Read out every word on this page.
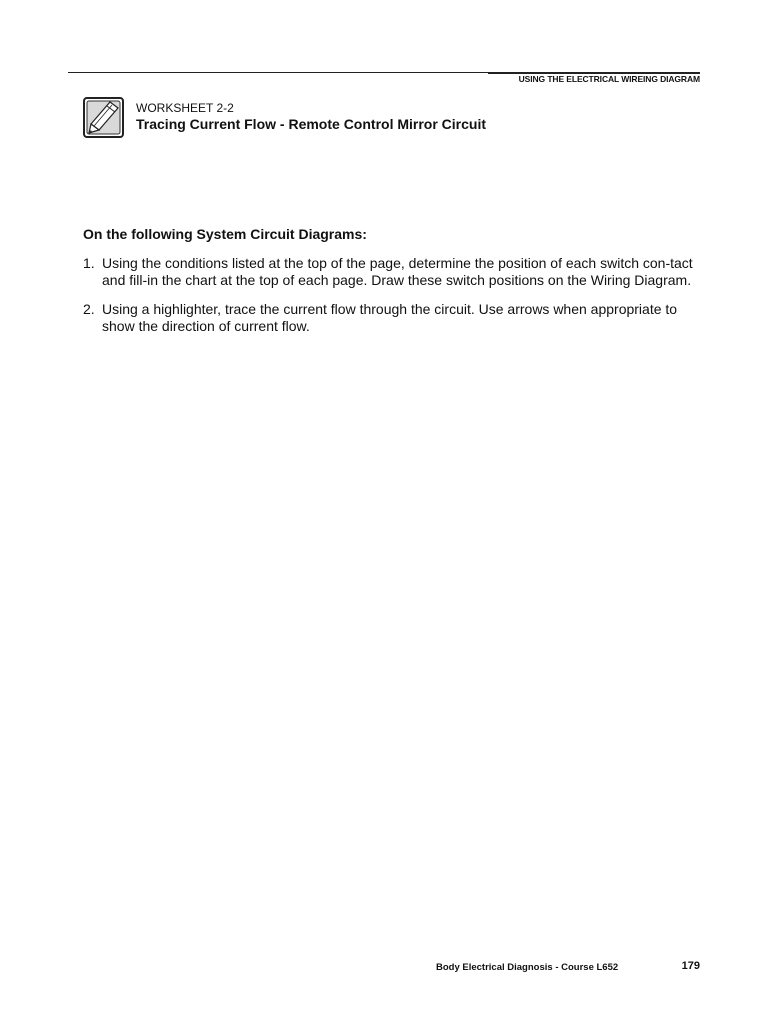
USING THE ELECTRICAL WIREING DIAGRAM
WORKSHEET 2-2
Tracing Current Flow - Remote Control Mirror Circuit
On the following System Circuit Diagrams:
1. Using the conditions listed at the top of the page, determine the position of each switch con-tact and fill-in the chart at the top of each page. Draw these switch positions on the Wiring Diagram.
2. Using a highlighter, trace the current flow through the circuit. Use arrows when appropriate to show the direction of current flow.
Body Electrical Diagnosis - Course L652	179
